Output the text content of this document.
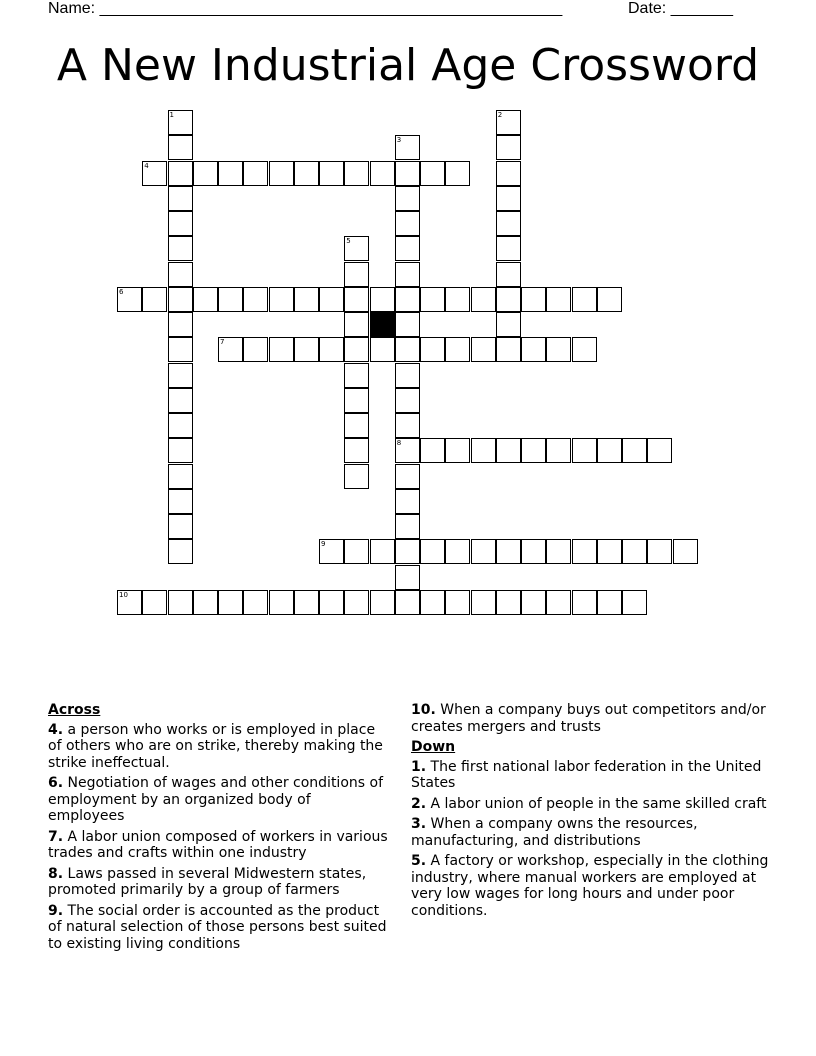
Name: ____________________________________________________	Date: _______
A New Industrial Age Crossword
1	2
3
8
4
5
6
7
9
10
Across
4. a person who works or is employed in place of others who are on strike, thereby making the strike ineffectual.
6. Negotiation of wages and other conditions of employment by an organized body of employees
7. A labor union composed of workers in various trades and crafts within one industry
8. Laws passed in several Midwestern states, promoted primarily by a group of farmers
9. The social order is accounted as the product of natural selection of those persons best suited to existing living conditions
10. When a company buys out competitors and/or creates mergers and trusts
Down
1. The first national labor federation in the United States
2. A labor union of people in the same skilled craft
3. When a company owns the resources, manufacturing, and distributions
5. A factory or workshop, especially in the clothing industry, where manual workers are employed at very low wages for long hours and under poor conditions.
